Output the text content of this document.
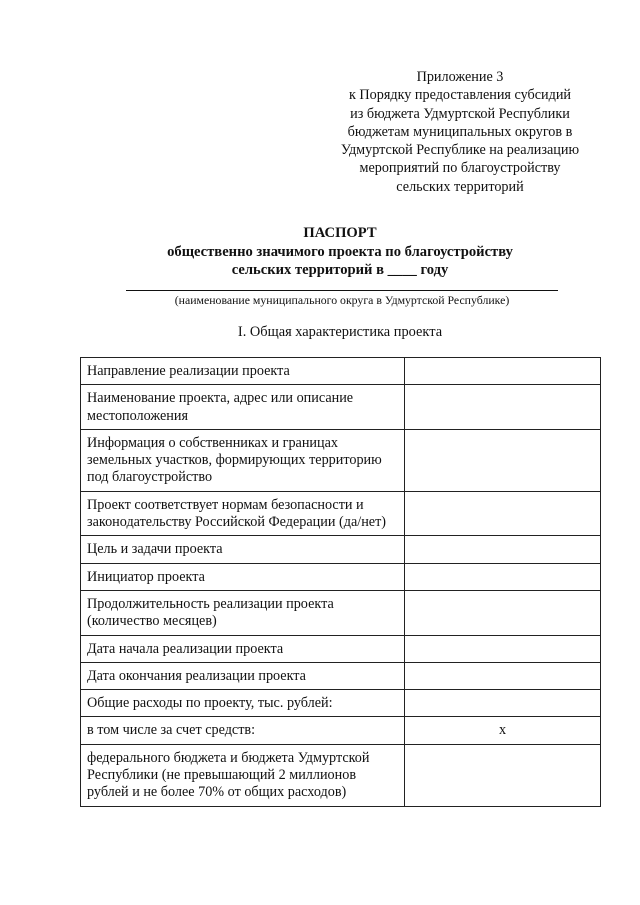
Приложение 3
к Порядку предоставления субсидий
из бюджета Удмуртской Республики
бюджетам муниципальных округов в
Удмуртской Республике на реализацию
мероприятий по благоустройству
сельских территорий
ПАСПОРТ
общественно значимого проекта по благоустройству
сельских территорий в ____ году
(наименование муниципального округа в Удмуртской Республике)
I. Общая характеристика проекта
Направление реализации проекта	
Наименование проекта, адрес или описание местоположения	
Информация о собственниках и границах земельных участков, формирующих территорию под благоустройство	
Проект соответствует нормам безопасности и законодательству Российской Федерации (да/нет)	
Цель и задачи проекта	
Инициатор проекта	
Продолжительность реализации проекта (количество месяцев)	
Дата начала реализации проекта	
Дата окончания реализации проекта	
Общие расходы по проекту, тыс. рублей:	
в том числе за счет средств:	x
федерального бюджета и бюджета Удмуртской Республики (не превышающий 2 миллионов рублей и не более 70% от общих расходов)	
